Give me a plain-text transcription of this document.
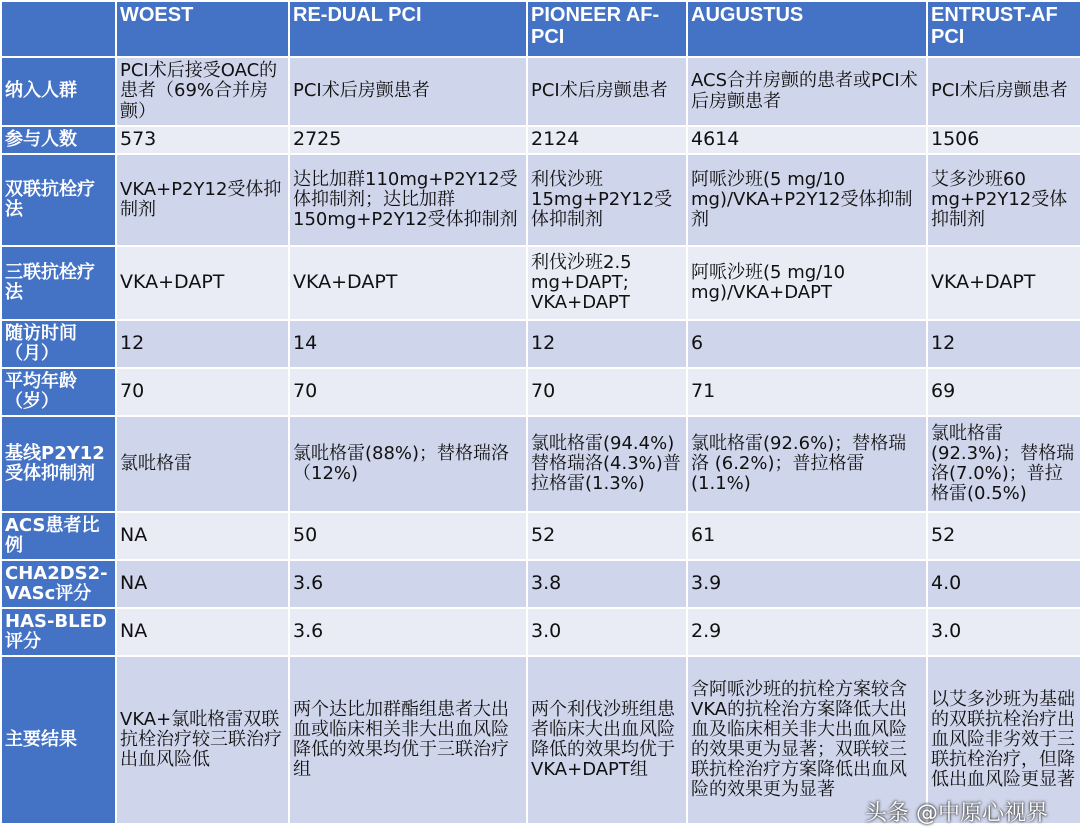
	WOEST	RE-DUAL PCI	PIONEER AF-PCI	AUGUSTUS	ENTRUST-AF PCI
纳入人群	PCI术后接受OAC的患者（69%合并房颤）	PCI术后房颤患者	PCI术后房颤患者	ACS合并房颤的患者或PCI术后房颤患者	PCI术后房颤患者
参与人数	573	2725	2124	4614	1506
双联抗栓疗法	VKA+P2Y12受体抑制剂	达比加群110mg+P2Y12受体抑制剂；达比加群150mg+P2Y12受体抑制剂	利伐沙班15mg+P2Y12受体抑制剂	阿哌沙班(5 mg/10 mg)/VKA+P2Y12受体抑制剂	艾多沙班60 mg+P2Y12受体抑制剂
三联抗栓疗法	VKA+DAPT	VKA+DAPT	利伐沙班2.5 mg+DAPT; VKA+DAPT	阿哌沙班(5 mg/10 mg)/VKA+DAPT	VKA+DAPT
随访时间（月）	12	14	12	6	12
平均年龄（岁）	70	70	70	71	69
基线P2Y12受体抑制剂	氯吡格雷	氯吡格雷(88%)；替格瑞洛（12%)	氯吡格雷(94.4%)替格瑞洛(4.3%)普拉格雷(1.3%)	氯吡格雷(92.6%)；替格瑞洛 (6.2%)；普拉格雷(1.1%)	氯吡格雷(92.3%)；替格瑞洛(7.0%)；普拉格雷(0.5%)
ACS患者比例	NA	50	52	61	52
CHA2DS2-VASc评分	NA	3.6	3.8	3.9	4.0
HAS-BLED评分	NA	3.6	3.0	2.9	3.0
主要结果	VKA+氯吡格雷双联抗栓治疗较三联治疗出血风险低	两个达比加群酯组患者大出血或临床相关非大出血风险降低的效果均优于三联治疗组	两个利伐沙班组患者临床大出血风险降低的效果均优于VKA+DAPT组	含阿哌沙班的抗栓方案较含VKA的抗栓治方案降低大出血及临床相关非大出血风险的效果更为显著；双联较三联抗栓治疗方案降低出血风险的效果更为显著	以艾多沙班为基础的双联抗栓治疗出血风险非劣效于三联抗栓治疗，但降低出血风险更显著
头条 @中原心视界
